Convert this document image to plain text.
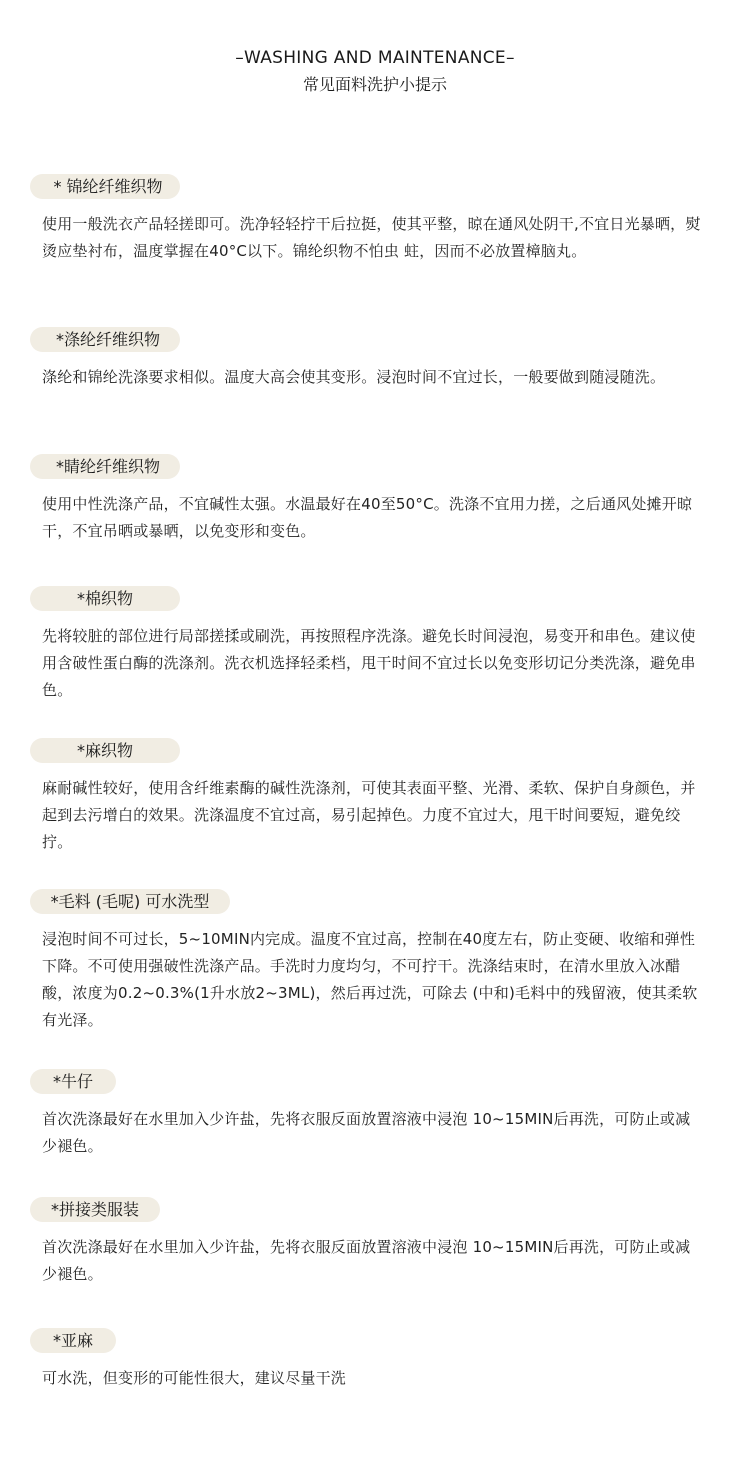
–WASHING AND MAINTENANCE–
常见面料洗护小提示
* 锦纶纤维织物
使用一般洗衣产品轻搓即可。洗净轻轻拧干后拉挺，使其平整，晾在通风处阴干,不宜日光暴晒，熨烫应垫衬布，温度掌握在40°C以下。锦纶织物不怕虫 蛀，因而不必放置樟脑丸。
*涤纶纤维织物
涤纶和锦纶洗涤要求相似。温度大高会使其变形。浸泡时间不宜过长，一般要做到随浸随洗。
*睛纶纤维织物
使用中性洗涤产品，不宜碱性太强。水温最好在40至50°C。洗涤不宜用力搓，之后通风处摊开晾干，不宜吊晒或暴晒，以免变形和变色。
*棉织物
先将较脏的部位进行局部搓揉或刷洗，再按照程序洗涤。避免长时间浸泡，易变开和串色。建议使用含破性蛋白酶的洗涤剂。洗衣机选择轻柔档，甩干时间不宜过长以免变形切记分类洗涤，避免串色。
*麻织物
麻耐碱性较好，使用含纤维素酶的碱性洗涤剂，可使其表面平整、光滑、柔软、保护自身颜色，并起到去污增白的效果。洗涤温度不宜过高，易引起掉色。力度不宜过大，甩干时间要短，避免绞拧。
*毛料 (毛呢) 可水洗型
浸泡时间不可过长，5~10MIN内完成。温度不宜过高，控制在40度左右，防止变硬、收缩和弹性下降。不可使用强破性洗涤产品。手洗时力度均匀，不可拧干。洗涤结束时，在清水里放入冰醋酸，浓度为0.2~0.3%(1升水放2~3ML)，然后再过洗，可除去 (中和)毛料中的残留液，使其柔软有光泽。
*牛仔
首次洗涤最好在水里加入少许盐，先将衣服反面放置溶液中浸泡 10~15MIN后再洗，可防止或减少褪色。
*拼接类服装
首次洗涤最好在水里加入少许盐，先将衣服反面放置溶液中浸泡 10~15MIN后再洗，可防止或减少褪色。
*亚麻
可水洗，但变形的可能性很大，建议尽量干洗
